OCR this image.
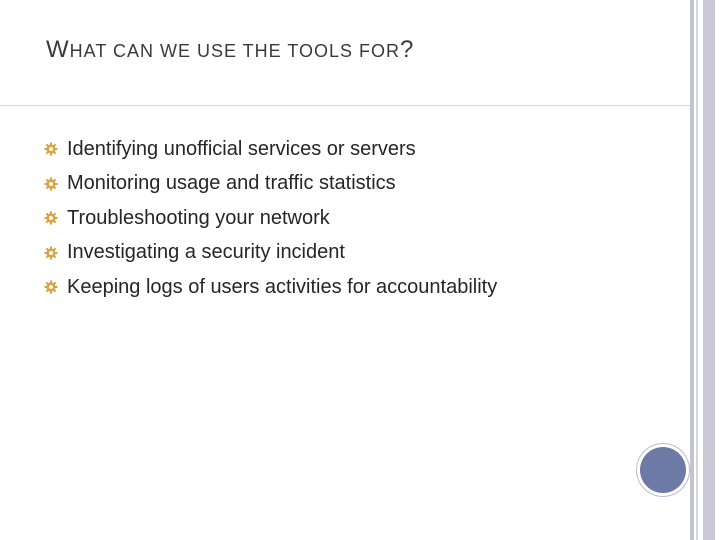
WHAT CAN WE USE THE TOOLS FOR?
Identifying unofficial services or servers
Monitoring usage and traffic statistics
Troubleshooting your network
Investigating a security incident
Keeping logs of users activities for accountability
